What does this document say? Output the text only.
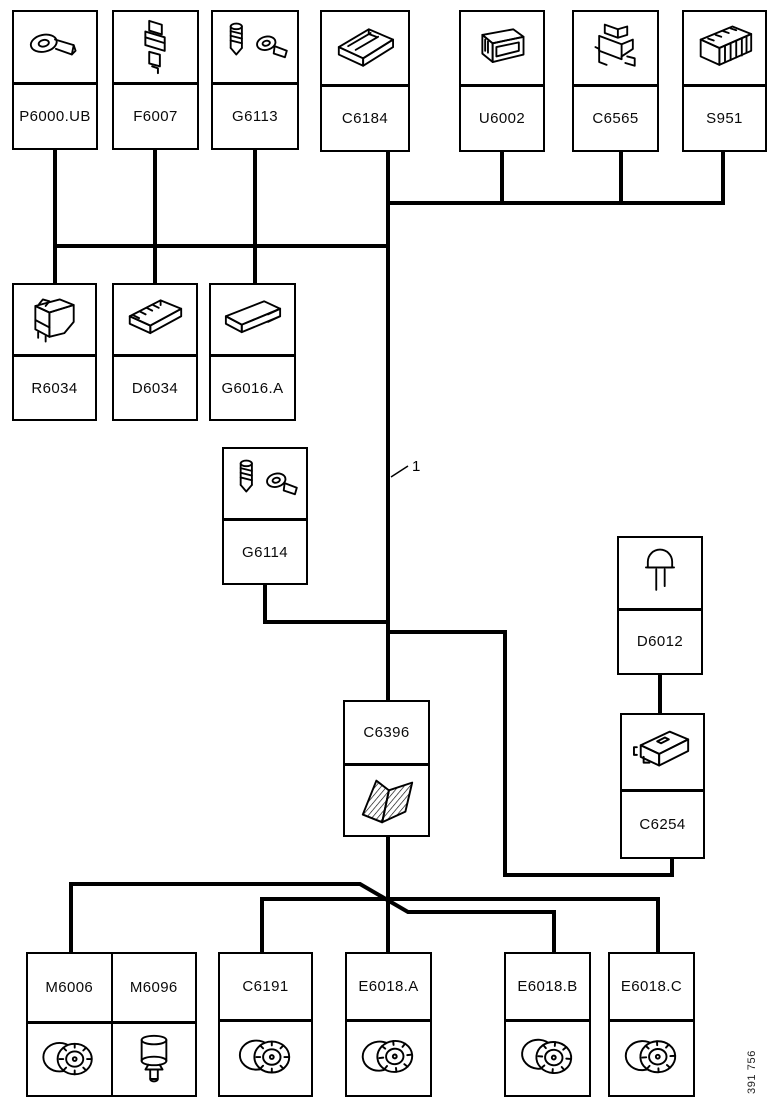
1
P6000.UB	F6007	G6113	C6184	U6002	C6565	S951
R6034	D6034	G6016.A
G6114
D6012
C6396
C6254
M6006	M6096	C6191	E6018.A	E6018.B	E6018.C
391 756
